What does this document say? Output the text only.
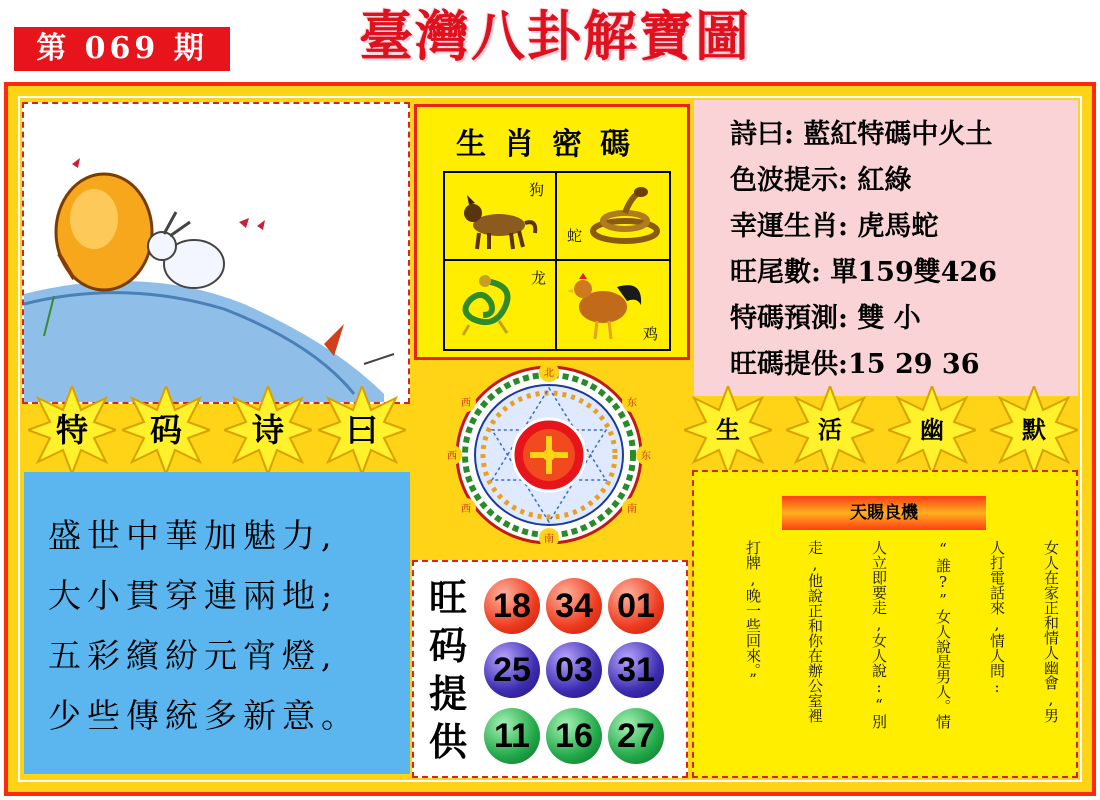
第 069 期	臺灣八卦解寶圖
生肖密碼
狗
蛇
龙
鸡
詩曰: 藍紅特碼中火土
色波提示: 紅綠
幸運生肖: 虎馬蛇
旺尾數: 單159雙426
特碼預測: 雙 小
旺碼提供:15 29 36
特	码	诗	曰	生	活	幽	默
北
东
南
西
东
西
西	南
盛世中華加魅力,
大小貫穿連兩地;
五彩繽紛元宵燈,
少些傳統多新意。
旺
码
提
供
18 34 01
25 03 31
11 16 27
天賜良機
女人在家正和情人幽會,男
人打電話來,情人問:
“誰?”女人說是男人。情
人立即要走,女人說:“別
走,他說正和你在辦公室裡
打牌,晚一些回來。”
